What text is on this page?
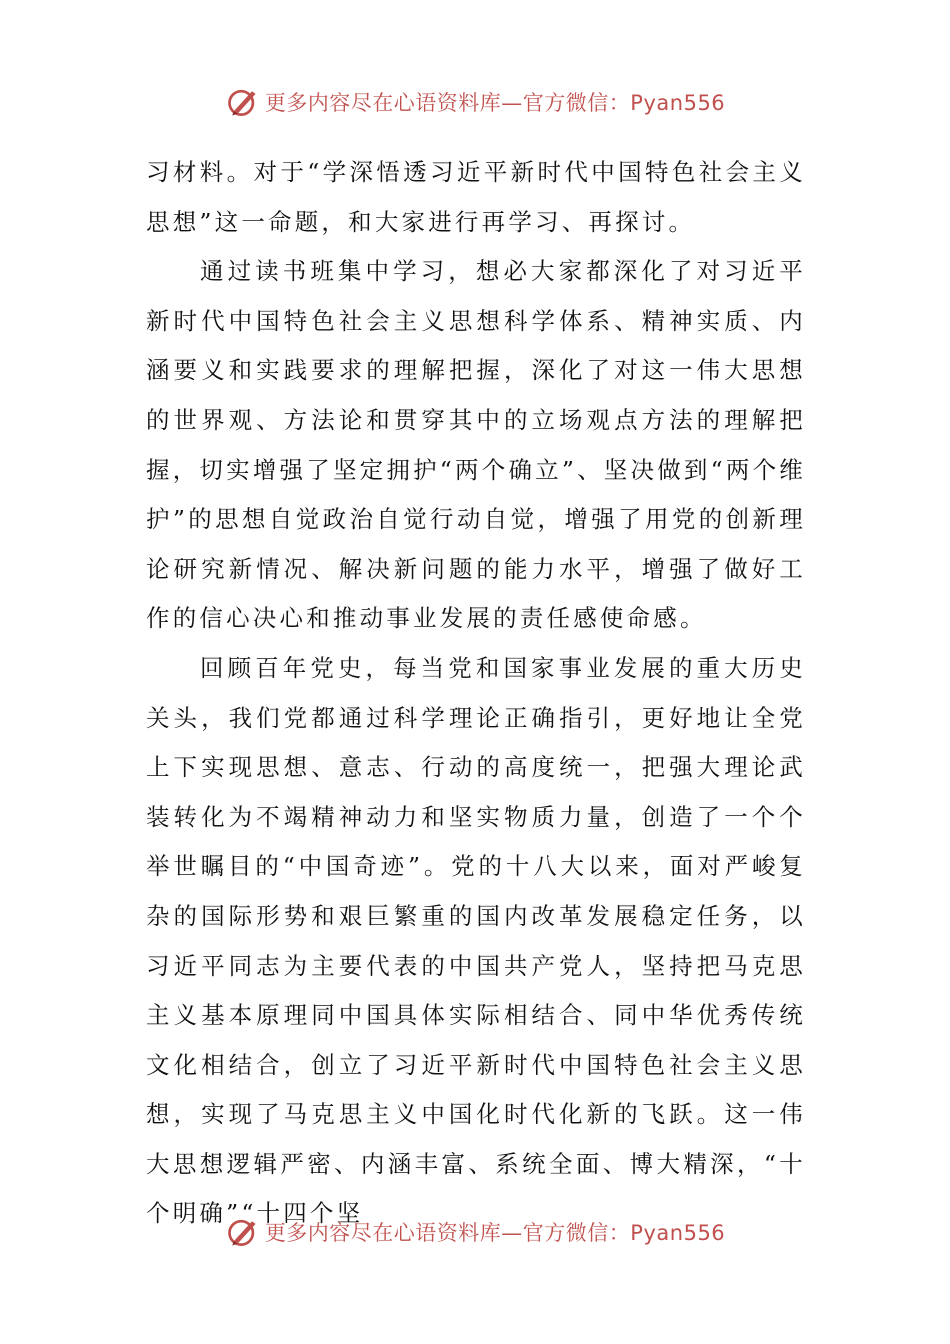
更多内容尽在心语资料库—官方微信：Pyan556

习材料。对于“学深悟透习近平新时代中国特色社会主义思想”这一命题，和大家进行再学习、再探讨。

通过读书班集中学习，想必大家都深化了对习近平新时代中国特色社会主义思想科学体系、精神实质、内涵要义和实践要求的理解把握，深化了对这一伟大思想的世界观、方法论和贯穿其中的立场观点方法的理解把握，切实增强了坚定拥护“两个确立”、坚决做到“两个维护”的思想自觉政治自觉行动自觉，增强了用党的创新理论研究新情况、解决新问题的能力水平，增强了做好工作的信心决心和推动事业发展的责任感使命感。

回顾百年党史，每当党和国家事业发展的重大历史关头，我们党都通过科学理论正确指引，更好地让全党上下实现思想、意志、行动的高度统一，把强大理论武装转化为不竭精神动力和坚实物质力量，创造了一个个举世瞩目的“中国奇迹”。党的十八大以来，面对严峻复杂的国际形势和艰巨繁重的国内改革发展稳定任务，以习近平同志为主要代表的中国共产党人，坚持把马克思主义基本原理同中国具体实际相结合、同中华优秀传统文化相结合，创立了习近平新时代中国特色社会主义思想，实现了马克思主义中国化时代化新的飞跃。这一伟大思想逻辑严密、内涵丰富、系统全面、博大精深，“十个明确”“十四个坚

更多内容尽在心语资料库—官方微信：Pyan556
